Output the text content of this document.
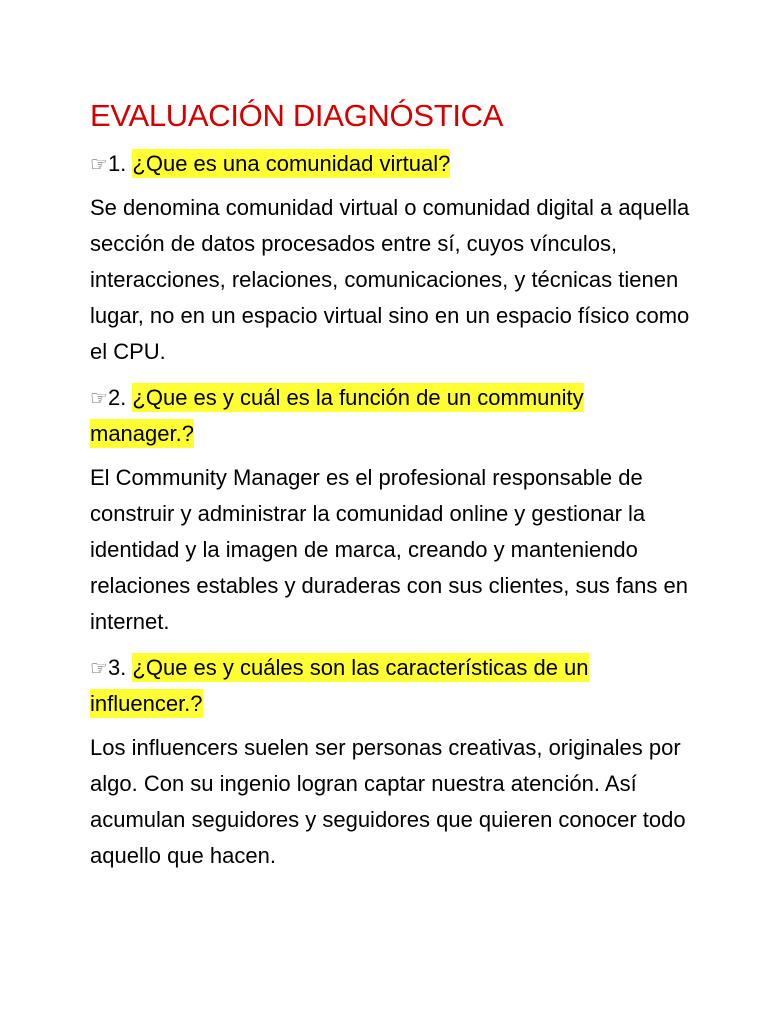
EVALUACIÓN DIAGNÓSTICA

☞1. ¿Que es una comunidad virtual?

Se denomina comunidad virtual o comunidad digital a aquella sección de datos procesados entre sí, cuyos vínculos, interacciones, relaciones, comunicaciones, y técnicas tienen lugar, no en un espacio virtual sino en un espacio físico como el CPU.

☞2. ¿Que es y cuál es la función de un community manager.?

El Community Manager es el profesional responsable de construir y administrar la comunidad online y gestionar la identidad y la imagen de marca, creando y manteniendo relaciones estables y duraderas con sus clientes, sus fans en internet.

☞3. ¿Que es y cuáles son las características de un influencer.?

Los influencers suelen ser personas creativas, originales por algo. Con su ingenio logran captar nuestra atención. Así acumulan seguidores y seguidores que quieren conocer todo aquello que hacen.
